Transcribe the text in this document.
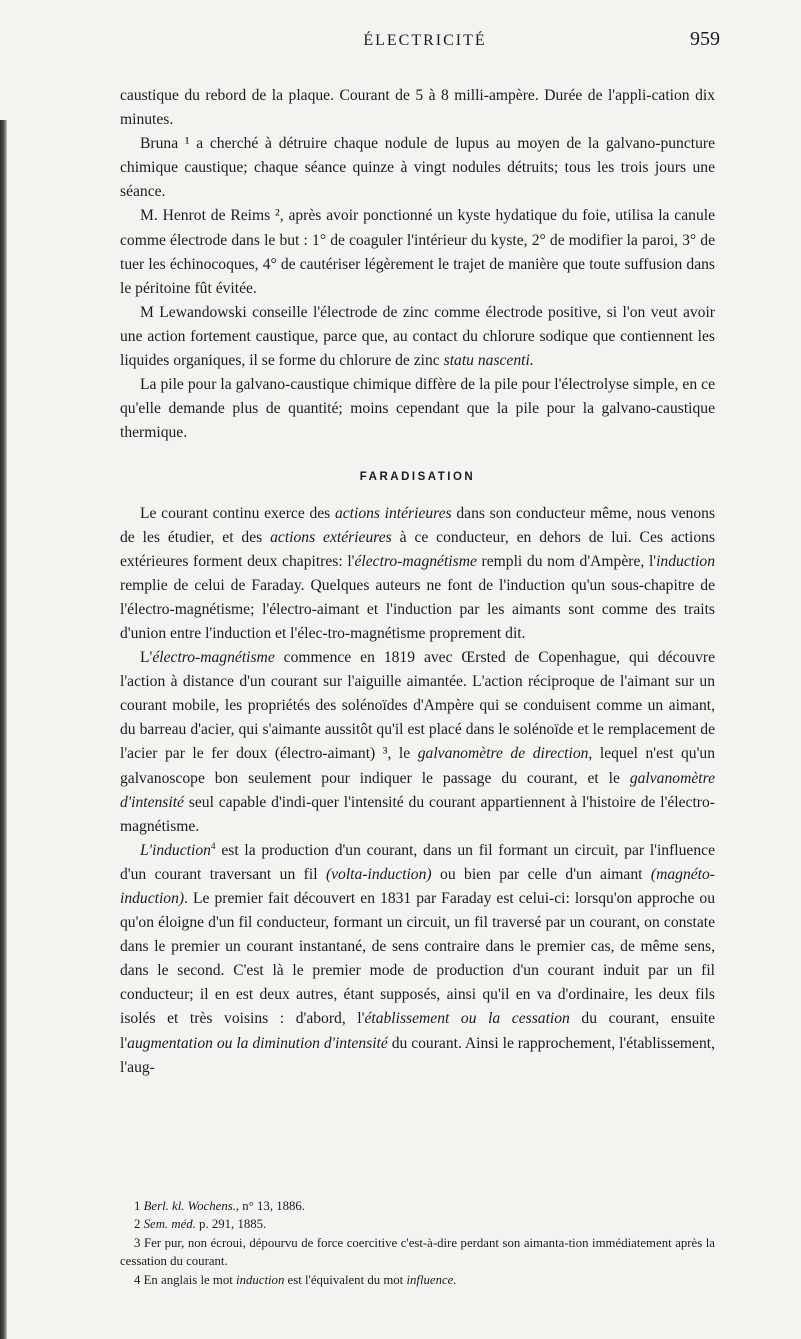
ÉLECTRICITÉ	959

caustique du rebord de la plaque. Courant de 5 à 8 milli-ampère. Durée de l'appli-cation dix minutes.

Bruna ¹ a cherché à détruire chaque nodule de lupus au moyen de la galvano-puncture chimique caustique; chaque séance quinze à vingt nodules détruits; tous les trois jours une séance.

M. Henrot de Reims ², après avoir ponctionné un kyste hydatique du foie, utilisa la canule comme électrode dans le but : 1° de coaguler l'intérieur du kyste, 2° de modifier la paroi, 3° de tuer les échinocoques, 4° de cautériser légèrement le trajet de manière que toute suffusion dans le péritoine fût évitée.

M Lewandowski conseille l'électrode de zinc comme électrode positive, si l'on veut avoir une action fortement caustique, parce que, au contact du chlorure sodique que contiennent les liquides organiques, il se forme du chlorure de zinc statu nascenti.

La pile pour la galvano-caustique chimique diffère de la pile pour l'électrolyse simple, en ce qu'elle demande plus de quantité; moins cependant que la pile pour la galvano-caustique thermique.

FARADISATION

Le courant continu exerce des actions intérieures dans son conducteur même, nous venons de les étudier, et des actions extérieures à ce conducteur, en dehors de lui. Ces actions extérieures forment deux chapitres: l'électro-magnétisme rempli du nom d'Ampère, l'induction remplie de celui de Faraday. Quelques auteurs ne font de l'induction qu'un sous-chapitre de l'électro-magnétisme; l'électro-aimant et l'induction par les aimants sont comme des traits d'union entre l'induction et l'élec-tro-magnétisme proprement dit.

L'électro-magnétisme commence en 1819 avec Œrsted de Copenhague, qui découvre l'action à distance d'un courant sur l'aiguille aimantée. L'action réciproque de l'aimant sur un courant mobile, les propriétés des solénoïdes d'Ampère qui se conduisent comme un aimant, du barreau d'acier, qui s'aimante aussitôt qu'il est placé dans le solénoïde et le remplacement de l'acier par le fer doux (électro-aimant) ³, le galvanomètre de direction, lequel n'est qu'un galvanoscope bon seulement pour indiquer le passage du courant, et le galvanomètre d'intensité seul capable d'indi-quer l'intensité du courant appartiennent à l'histoire de l'électro-magnétisme.

L'induction$^4$ est la production d'un courant, dans un fil formant un circuit, par l'influence d'un courant traversant un fil (volta-induction) ou bien par celle d'un aimant (magnéto-induction). Le premier fait découvert en 1831 par Faraday est celui-ci: lorsqu'on approche ou qu'on éloigne d'un fil conducteur, formant un circuit, un fil traversé par un courant, on constate dans le premier un courant instantané, de sens contraire dans le premier cas, de même sens, dans le second. C'est là le premier mode de production d'un courant induit par un fil conducteur; il en est deux autres, étant supposés, ainsi qu'il en va d'ordinaire, les deux fils isolés et très voisins : d'abord, l'établissement ou la cessation du courant, ensuite l'augmentation ou la diminution d'intensité du courant. Ainsi le rapprochement, l'établissement, l'aug-

1 Berl. kl. Wochens., n° 13, 1886.

2 Sem. méd. p. 291, 1885.

3 Fer pur, non écroui, dépourvu de force coercitive c'est-à-dire perdant son aimanta-tion immédiatement après la cessation du courant.

4 En anglais le mot induction est l'équivalent du mot influence.
